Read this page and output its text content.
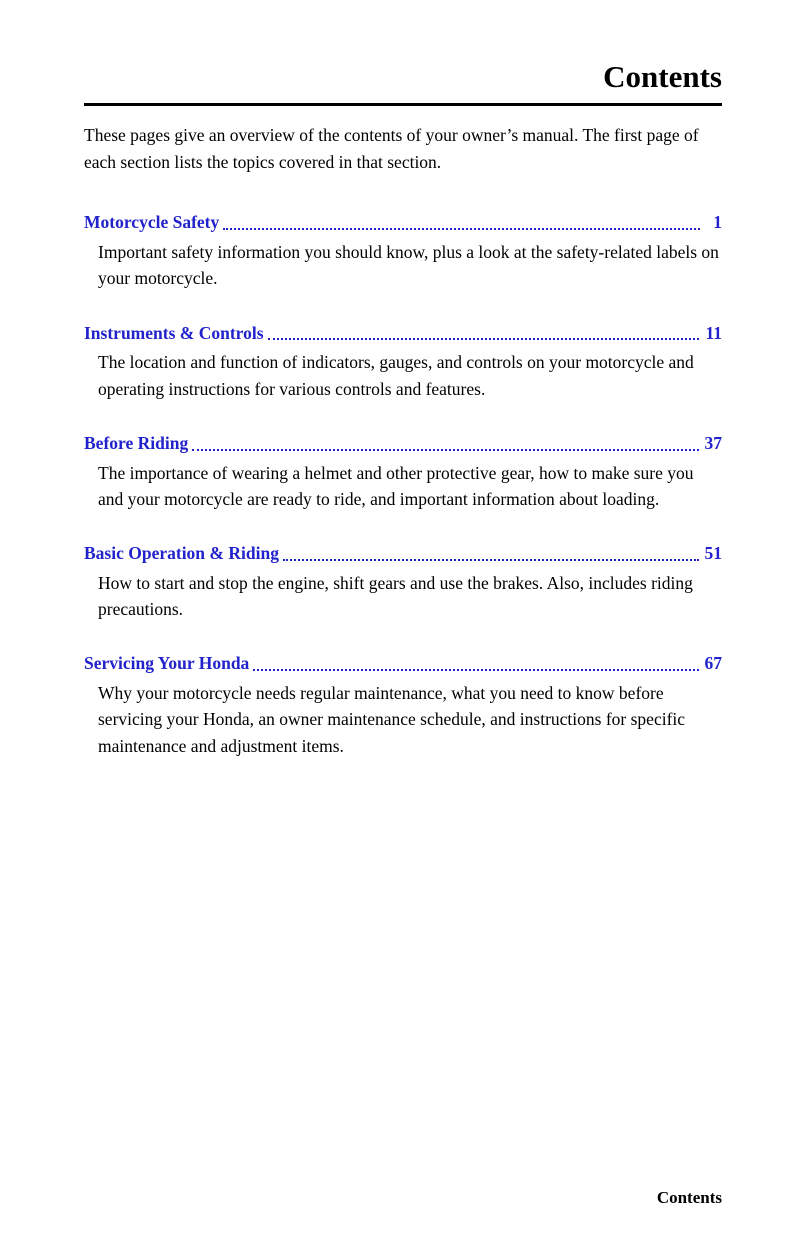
Contents

These pages give an overview of the contents of your owner’s manual. The first page of each section lists the topics covered in that section.

Motorcycle Safety	1
Important safety information you should know, plus a look at the safety-related labels on your motorcycle.
Instruments & Controls	11
The location and function of indicators, gauges, and controls on your motorcycle and operating instructions for various controls and features.
Before Riding	37
The importance of wearing a helmet and other protective gear, how to make sure you and your motorcycle are ready to ride, and important information about loading.
Basic Operation & Riding	51
How to start and stop the engine, shift gears and use the brakes. Also, includes riding precautions.
Servicing Your Honda	67
Why your motorcycle needs regular maintenance, what you need to know before servicing your Honda, an owner maintenance schedule, and instructions for specific maintenance and adjustment items.
Contents
